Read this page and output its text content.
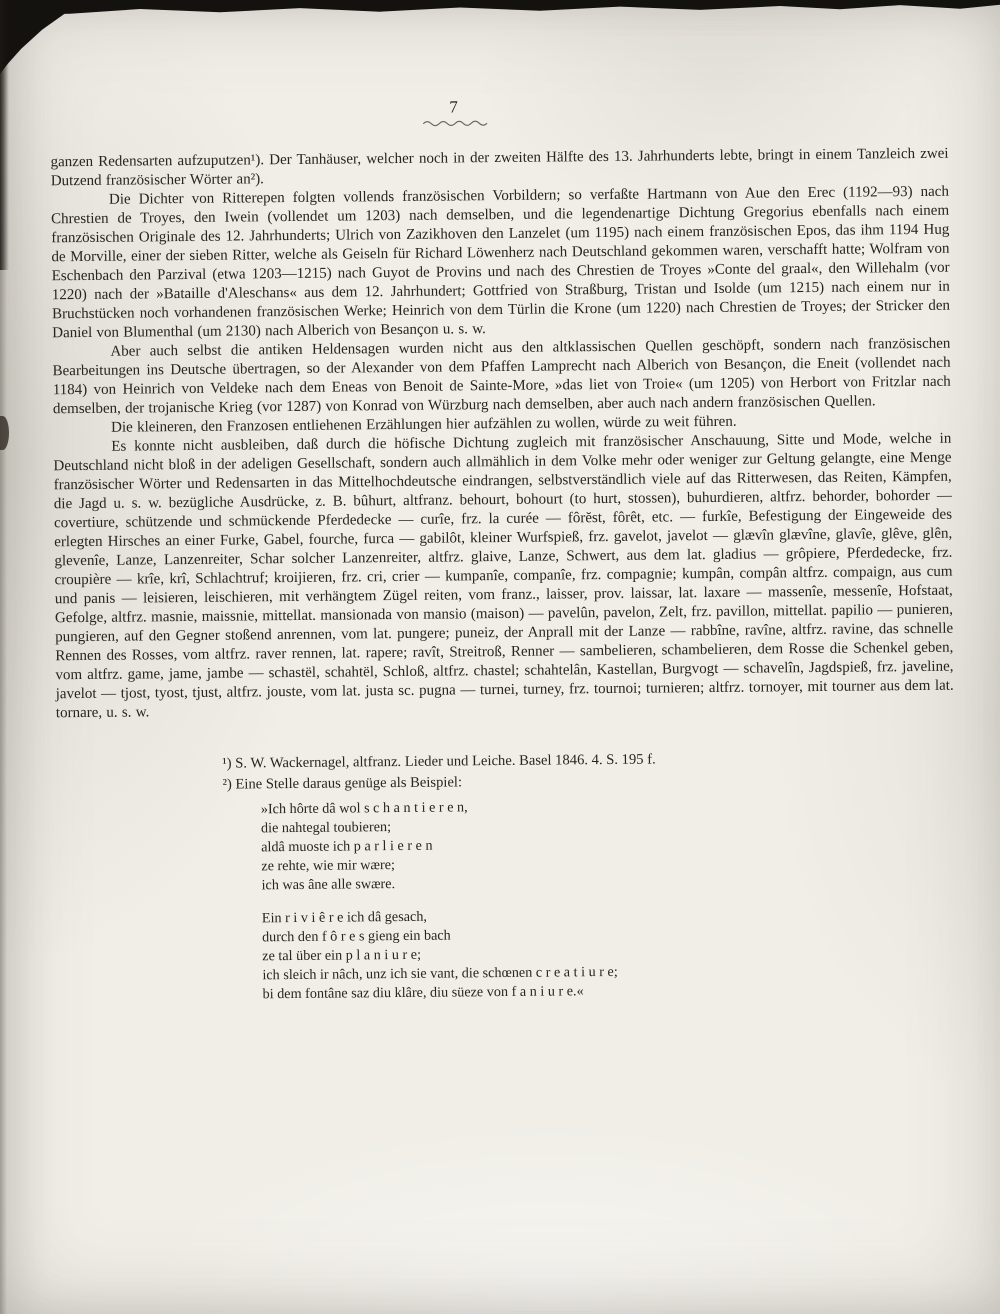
7

ganzen Redensarten aufzuputzen¹). Der Tanhäuser, welcher noch in der zweiten Hälfte des 13. Jahrhunderts lebte, bringt in einem Tanzleich zwei Dutzend französischer Wörter an²).

Die Dichter von Ritterepen folgten vollends französischen Vorbildern; so verfaßte Hartmann von Aue den Erec (1192—93) nach Chrestien de Troyes, den Iwein (vollendet um 1203) nach demselben, und die legendenartige Dichtung Gregorius ebenfalls nach einem französischen Originale des 12. Jahrhunderts; Ulrich von Zazikhoven den Lanzelet (um 1195) nach einem französischen Epos, das ihm 1194 Hug de Morville, einer der sieben Ritter, welche als Geiseln für Richard Löwenherz nach Deutschland gekommen waren, verschafft hatte; Wolfram von Eschenbach den Parzival (etwa 1203—1215) nach Guyot de Provins und nach des Chrestien de Troyes »Conte del graal«, den Willehalm (vor 1220) nach der »Bataille d'Aleschans« aus dem 12. Jahrhundert; Gottfried von Straßburg, Tristan und Isolde (um 1215) nach einem nur in Bruchstücken noch vorhandenen französischen Werke; Heinrich von dem Türlin die Krone (um 1220) nach Chrestien de Troyes; der Stricker den Daniel von Blumenthal (um 2130) nach Alberich von Besançon u. s. w.

Aber auch selbst die antiken Heldensagen wurden nicht aus den altklassischen Quellen geschöpft, sondern nach französischen Bearbeitungen ins Deutsche übertragen, so der Alexander von dem Pfaffen Lamprecht nach Alberich von Besançon, die Eneit (vollendet nach 1184) von Heinrich von Veldeke nach dem Eneas von Benoit de Sainte-More, »das liet von Troie« (um 1205) von Herbort von Fritzlar nach demselben, der trojanische Krieg (vor 1287) von Konrad von Würzburg nach demselben, aber auch nach andern französischen Quellen.

Die kleineren, den Franzosen entliehenen Erzählungen hier aufzählen zu wollen, würde zu weit führen.

Es konnte nicht ausbleiben, daß durch die höfische Dichtung zugleich mit französischer Anschauung, Sitte und Mode, welche in Deutschland nicht bloß in der adeligen Gesellschaft, sondern auch allmählich in dem Volke mehr oder weniger zur Geltung gelangte, eine Menge französischer Wörter und Redensarten in das Mittelhochdeutsche eindrangen, selbstverständlich viele auf das Ritterwesen, das Reiten, Kämpfen, die Jagd u. s. w. bezügliche Ausdrücke, z. B. bûhurt, altfranz. behourt, bohourt (to hurt, stossen), buhurdieren, altfrz. behorder, bohorder — covertiure, schützende und schmückende Pferdedecke — curîe, frz. la curée — fôrĕst, fôrêt, etc. — furkîe, Befestigung der Eingeweide des erlegten Hirsches an einer Furke, Gabel, fourche, furca — gabilôt, kleiner Wurfspieß, frz. gavelot, javelot — glævîn glævîne, glavîe, glêve, glên, glevenîe, Lanze, Lanzenreiter, Schar solcher Lanzenreiter, altfrz. glaive, Lanze, Schwert, aus dem lat. gladius — grôpiere, Pferdedecke, frz. croupière — krîe, krî, Schlachtruf; kroijieren, frz. cri, crier — kumpanîe, companîe, frz. compagnie; kumpân, compân altfrz. compaign, aus cum und panis — leisieren, leischieren, mit verhängtem Zügel reiten, vom franz., laisser, prov. laissar, lat. laxare — massenîe, messenîe, Hofstaat, Gefolge, altfrz. masnie, maissnie, mittellat. mansionada von mansio (maison) — pavelûn, pavelon, Zelt, frz. pavillon, mittellat. papilio — punieren, pungieren, auf den Gegner stoßend anrennen, vom lat. pungere; puneiz, der Anprall mit der Lanze — rabbîne, ravîne, altfrz. ravine, das schnelle Rennen des Rosses, vom altfrz. raver rennen, lat. rapere; ravît, Streitroß, Renner — sambelieren, schambelieren, dem Rosse die Schenkel geben, vom altfrz. game, jame, jambe — schastël, schahtël, Schloß, altfrz. chastel; schahtelân, Kastellan, Burgvogt — schavelîn, Jagdspieß, frz. javeline, javelot — tjost, tyost, tjust, altfrz. jouste, vom lat. justa sc. pugna — turnei, turney, frz. tournoi; turnieren; altfrz. tornoyer, mit tourner aus dem lat. tornare, u. s. w.

¹) S. W. Wackernagel, altfranz. Lieder und Leiche. Basel 1846. 4. S. 195 f.

²) Eine Stelle daraus genüge als Beispiel:

»Ich hôrte dâ wol s c h a n t i e r e n,
die nahtegal toubieren;
aldâ muoste ich p a r l i e r e n
ze rehte, wie mir wære;
ich was âne alle swære.
Ein r i v i ê r e ich dâ gesach,
durch den f ô r e s gieng ein bach
ze tal über ein p l a n i u r e;
ich sleich ir nâch, unz ich sie vant, die schœnen c r e a t i u r e;
bi dem fontâne saz diu klâre, diu süeze von f a n i u r e.«
